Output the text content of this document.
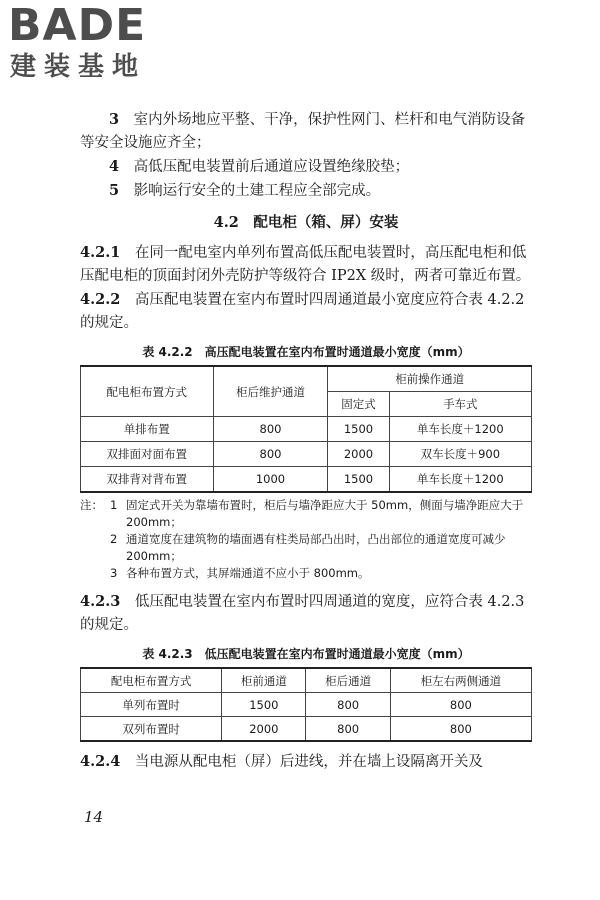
BADE
建装基地

3　 室内外场地应平整、干净，保护性网门、栏杆和电气消防设备等安全设施应齐全；

4　 高低压配电装置前后通道应设置绝缘胶垫；

5　 影响运行安全的土建工程应全部完成。

4.2　 配电柜（箱、屏）安装

4.2.1　 在同一配电室内单列布置高低压配电装置时，高压配电柜和低压配电柜的顶面封闭外壳防护等级符合 IP2X 级时，两者可靠近布置。

4.2.2　 高压配电装置在室内布置时四周通道最小宽度应符合表 4.2.2 的规定。

表 4.2.2　高压配电装置在室内布置时通道最小宽度（mm）
配电柜布置方式	柜后维护通道	柜前操作通道	
		固定式	手车式
单排布置	800	1500	单车长度＋1200
双排面对面布置	800	2000	双车长度＋900
双排背对背布置	1000	1500	单车长度＋1200
注： 1 固定式开关为靠墙布置时，柜后与墙净距应大于 50mm，侧面与墙净距应大于 200mm；
2 通道宽度在建筑物的墙面遇有柱类局部凸出时，凸出部位的通道宽度可减少 200mm；
3 各种布置方式，其屏端通道不应小于 800mm。

4.2.3　 低压配电装置在室内布置时四周通道的宽度，应符合表 4.2.3 的规定。

表 4.2.3　低压配电装置在室内布置时通道最小宽度（mm）
配电柜布置方式	柜前通道	柜后通道	柜左右两侧通道
单列布置时	1500	800	800
双列布置时	2000	800	800

4.2.4　 当电源从配电柜（屏）后进线，并在墙上设隔离开关及

14
